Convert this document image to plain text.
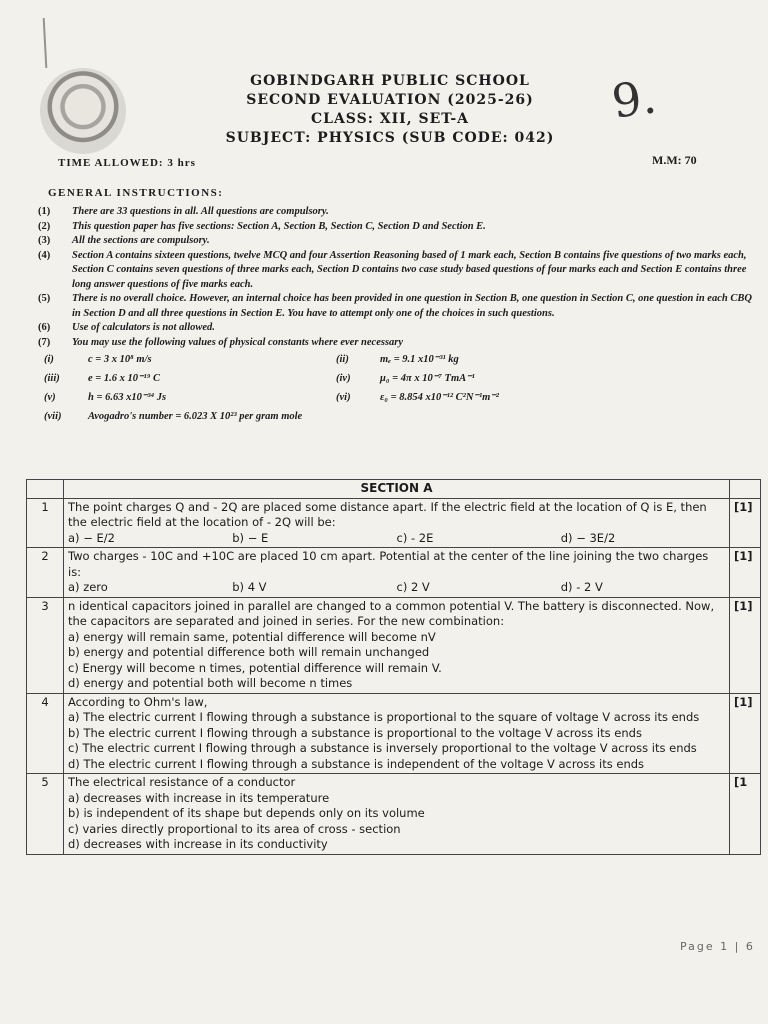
GOBINDGARH PUBLIC SCHOOL
SECOND EVALUATION (2025-26)
CLASS: XII, SET-A
SUBJECT: PHYSICS (SUB CODE: 042)
9.
TIME ALLOWED: 3 hrs	M.M: 70
GENERAL INSTRUCTIONS:
(1)	There are 33 questions in all. All questions are compulsory.
(2)	This question paper has five sections: Section A, Section B, Section C, Section D and Section E.
(3)	All the sections are compulsory.
(4)	Section A contains sixteen questions, twelve MCQ and four Assertion Reasoning based of 1 mark each, Section B contains five questions of two marks each, Section C contains seven questions of three marks each, Section D contains two case study based questions of four marks each and Section E contains three long answer questions of five marks each.
(5)	There is no overall choice. However, an internal choice has been provided in one question in Section B, one question in Section C, one question in each CBQ in Section D and all three questions in Section E. You have to attempt only one of the choices in such questions.
(6)	Use of calculators is not allowed.
(7)	You may use the following values of physical constants where ever necessary
(i)	c = 3 x 10⁸ m/s	(ii)	mₑ = 9.1 x10⁻³¹ kg
(iii)	e = 1.6 x 10⁻¹⁹ C	(iv)	μ₀ = 4π x 10⁻⁷ TmA⁻¹
(v)	h = 6.63 x10⁻³⁴ Js	(vi)	ε₀ = 8.854 x10⁻¹² C²N⁻¹m⁻²
(vii)	Avogadro's number = 6.023 X 10²³ per gram mole
	SECTION A	
1	The point charges Q and - 2Q are placed some distance apart. If the electric field at the location of Q is E, then the electric field at the location of - 2Q will be:
a) − E/2 b) − E c) - 2E d) − 3E/2	[1]
2	Two charges - 10C and +10C are placed 10 cm apart. Potential at the center of the line joining the two charges is:
a) zero b) 4 V c) 2 V d) - 2 V	[1]
3	n identical capacitors joined in parallel are changed to a common potential V. The battery is disconnected. Now, the capacitors are separated and joined in series. For the new combination:
a) energy will remain same, potential difference will become nV
b) energy and potential difference both will remain unchanged
c) Energy will become n times, potential difference will remain V.
d) energy and potential both will become n times	[1]
4	According to Ohm's law,
a) The electric current I flowing through a substance is proportional to the square of voltage V across its ends
b) The electric current I flowing through a substance is proportional to the voltage V across its ends
c) The electric current I flowing through a substance is inversely proportional to the voltage V across its ends
d) The electric current I flowing through a substance is independent of the voltage V across its ends	[1]
5	The electrical resistance of a conductor
a) decreases with increase in its temperature
b) is independent of its shape but depends only on its volume
c) varies directly proportional to its area of cross - section
d) decreases with increase in its conductivity	[1
Page 1 | 6
